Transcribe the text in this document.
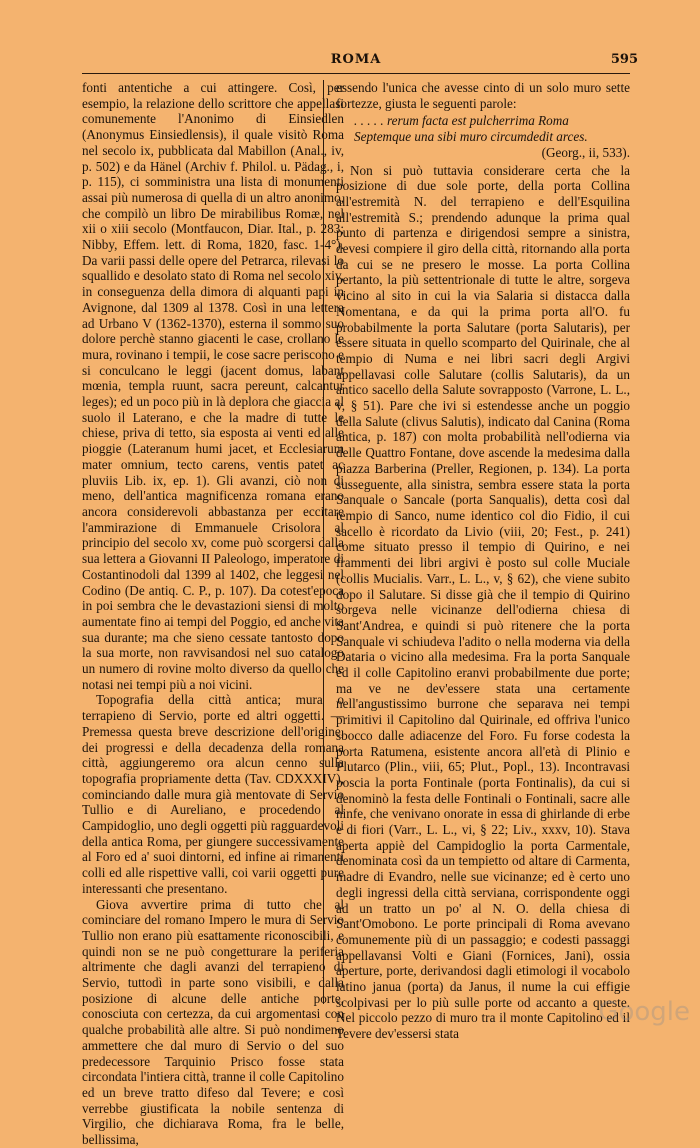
ROMA	595

fonti antentiche a cui attingere. Così, per esempio, la relazione dello scrittore che appellasi comunemente l'Anonimo di Einsiedlen (Anonymus Einsiedlensis), il quale visitò Roma nel secolo ix, pubblicata dal Mabillon (Anal., iv, p. 502) e da Hänel (Archiv f. Philol. u. Pädag., i, p. 115), ci somministra una lista di monumenti assai più numerosa di quella di un altro anonimo, che compilò un libro De mirabilibus Romæ, nel xii o xiii secolo (Montfaucon, Diar. Ital., p. 283; Nibby, Effem. lett. di Roma, 1820, fasc. 1-4°). Da varii passi delle opere del Petrarca, rilevasi lo squallido e desolato stato di Roma nel secolo xiv, in conseguenza della dimora di alquanti papi in Avignone, dal 1309 al 1378. Così in una lettera ad Urbano V (1362-1370), esterna il sommo suo dolore perchè stanno giacenti le case, crollano le mura, rovinano i tempii, le cose sacre periscono e si conculcano le leggi (jacent domus, labant mœnia, templa ruunt, sacra pereunt, calcantur leges); ed un poco più in là deplora che giaccia al suolo il Laterano, e che la madre di tutte le chiese, priva di tetto, sia esposta ai venti ed alle pioggie (Lateranum humi jacet, et Ecclesiarum mater omnium, tecto carens, ventis patet ac pluviis Lib. ix, ep. 1). Gli avanzi, ciò non di meno, dell'antica magnificenza romana erano ancora considerevoli abbastanza per eccitare l'ammirazione di Emmanuele Crisolora al principio del secolo xv, come può scorgersi dalla sua lettera a Giovanni II Paleologo, imperatore di Costantinodoli dal 1399 al 1402, che leggesi nel Codino (De antiq. C. P., p. 107). Da cotest'epoca in poi sembra che le devastazioni siensi di molto aumentate fino ai tempi del Poggio, ed anche vita sua durante; ma che sieno cessate tantosto dopo la sua morte, non ravvisandosi nel suo catalogo un numero di rovine molto diverso da quello che notasi nei tempi più a noi vicini.

Topografia della città antica; mura o terrapieno di Servio, porte ed altri oggetti. — Premessa questa breve descrizione dell'origine, dei progressi e della decadenza della romana città, aggiungeremo ora alcun cenno sulla topografia propriamente detta (Tav. CDXXXIV), cominciando dalle mura già mentovate di Servio Tullio e di Aureliano, e procedendo al Campidoglio, uno degli oggetti più ragguardevoli della antica Roma, per giungere successivamente al Foro ed a' suoi dintorni, ed infine ai rimanenti colli ed alle rispettive valli, coi varii oggetti pure interessanti che presentano.

Giova avvertire prima di tutto che al cominciare del romano Impero le mura di Servio Tullio non erano più esattamente riconoscibili, e quindi non se ne può congetturare la periferia altrimente che dagli avanzi del terrapieno di Servio, tuttodì in parte sono visibili, e dalla posizione di alcune delle antiche porte, conosciuta con certezza, da cui argomentasi con qualche probabilità alle altre. Si può nondimeno ammettere che dal muro di Servio o del suo predecessore Tarquinio Prisco fosse stata circondata l'intiera città, tranne il colle Capitolino ed un breve tratto difeso dal Tevere; e così verrebbe giustificata la nobile sentenza di Virgilio, che dichiarava Roma, fra le belle, bellissima,

essendo l'unica che avesse cinto di un solo muro sette fortezze, giusta le seguenti parole:

. . . . . rerum facta est pulcherrima Roma
Septemque una sibi muro circumdedit arces.
(Georg., ii, 533).

Non si può tuttavia considerare certa che la posizione di due sole porte, della porta Collina all'estremità N. del terrapieno e dell'Esquilina all'estremità S.; prendendo adunque la prima qual punto di partenza e dirigendosi sempre a sinistra, devesi compiere il giro della città, ritornando alla porta da cui se ne presero le mosse. La porta Collina pertanto, la più settentrionale di tutte le altre, sorgeva vicino al sito in cui la via Salaria si distacca dalla Nomentana, e da qui la prima porta all'O. fu probabilmente la porta Salutare (porta Salutaris), per essere situata in quello scomparto del Quirinale, che al tempio di Numa e nei libri sacri degli Argivi appellavasi colle Salutare (collis Salutaris), da un antico sacello della Salute sovrapposto (Varrone, L. L., v, § 51). Pare che ivi si estendesse anche un poggio della Salute (clivus Salutis), indicato dal Canina (Roma antica, p. 187) con molta probabilità nell'odierna via delle Quattro Fontane, dove ascende la medesima dalla piazza Barberina (Preller, Regionen, p. 134). La porta susseguente, alla sinistra, sembra essere stata la porta Sanquale o Sancale (porta Sanqualis), detta così dal tempio di Sanco, nume identico col dio Fidio, il cui sacello è ricordato da Livio (viii, 20; Fest., p. 241) come situato presso il tempio di Quirino, e nei frammenti dei libri argivi è posto sul colle Muciale (collis Mucialis. Varr., L. L., v, § 62), che viene subito dopo il Salutare. Si disse già che il tempio di Quirino sorgeva nelle vicinanze dell'odierna chiesa di Sant'Andrea, e quindi si può ritenere che la porta Sanquale vi schiudeva l'adito o nella moderna via della Dataria o vicino alla medesima. Fra la porta Sanquale ed il colle Capitolino eranvi probabilmente due porte; ma ve ne dev'essere stata una certamente nell'angustissimo burrone che separava nei tempi primitivi il Capitolino dal Quirinale, ed offriva l'unico sbocco dalle adiacenze del Foro. Fu forse codesta la porta Ratumena, esistente ancora all'età di Plinio e Plutarco (Plin., viii, 65; Plut., Popl., 13). Incontravasi poscia la porta Fontinale (porta Fontinalis), da cui si denominò la festa delle Fontinali o Fontinali, sacre alle ninfe, che venivano onorate in essa di ghirlande di erbe e di fiori (Varr., L. L., vi, § 22; Liv., xxxv, 10). Stava aperta appiè del Campidoglio la porta Carmentale, denominata così da un tempietto od altare di Carmenta, madre di Evandro, nelle sue vicinanze; ed è certo uno degli ingressi della città serviana, corrispondente oggi ad un tratto un po' al N. O. della chiesa di Sant'Omobono. Le porte principali di Roma avevano comunemente più di un passaggio; e codesti passaggi appellavansi Volti e Giani (Fornices, Jani), ossia aperture, porte, derivandosi dagli etimologi il vocabolo latino janua (porta) da Janus, il nume la cui effigie scolpivasi per lo più sulle porte od accanto a queste. Nel piccolo pezzo di muro tra il monte Capitolino ed il Tevere dev'essersi stata

Google
